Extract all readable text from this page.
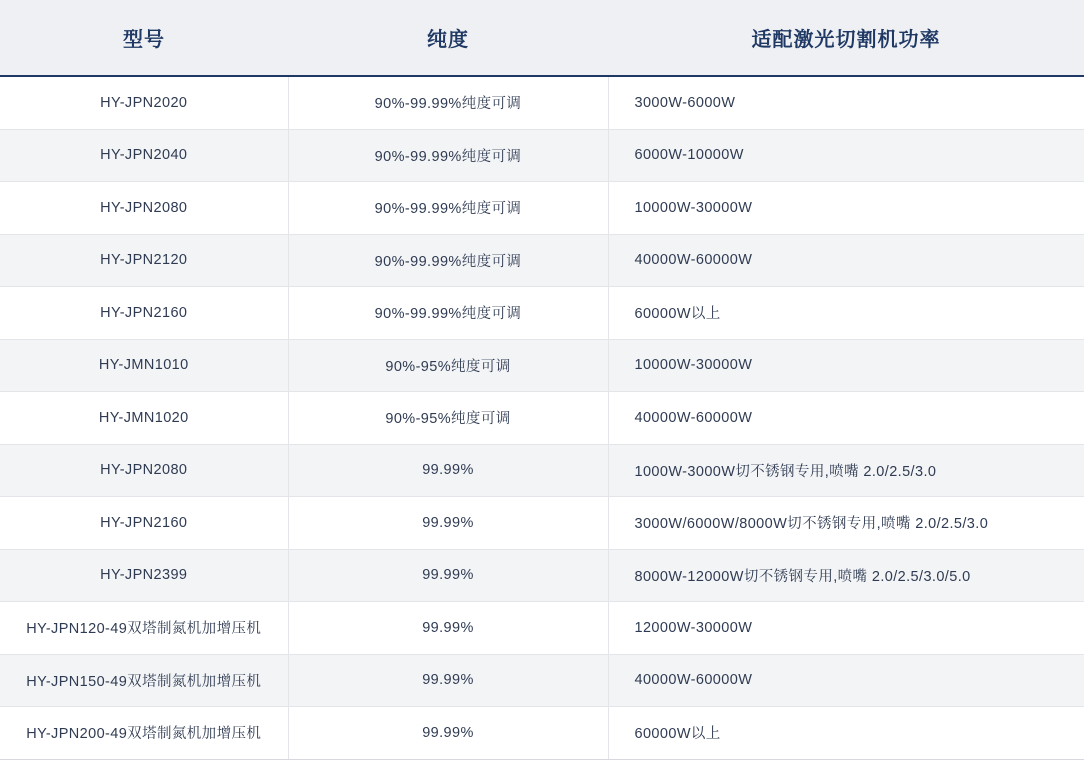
型号	纯度	适配激光切割机功率
HY-JPN2020	90%-99.99%纯度可调	3000W-6000W
HY-JPN2040	90%-99.99%纯度可调	6000W-10000W
HY-JPN2080	90%-99.99%纯度可调	10000W-30000W
HY-JPN2120	90%-99.99%纯度可调	40000W-60000W
HY-JPN2160	90%-99.99%纯度可调	60000W以上
HY-JMN1010	90%-95%纯度可调	10000W-30000W
HY-JMN1020	90%-95%纯度可调	40000W-60000W
HY-JPN2080	99.99%	1000W-3000W切不锈钢专用,喷嘴 2.0/2.5/3.0
HY-JPN2160	99.99%	3000W/6000W/8000W切不锈钢专用,喷嘴 2.0/2.5/3.0
HY-JPN2399	99.99%	8000W-12000W切不锈钢专用,喷嘴 2.0/2.5/3.0/5.0
HY-JPN120-49双塔制氮机加增压机	99.99%	12000W-30000W
HY-JPN150-49双塔制氮机加增压机	99.99%	40000W-60000W
HY-JPN200-49双塔制氮机加增压机	99.99%	60000W以上
